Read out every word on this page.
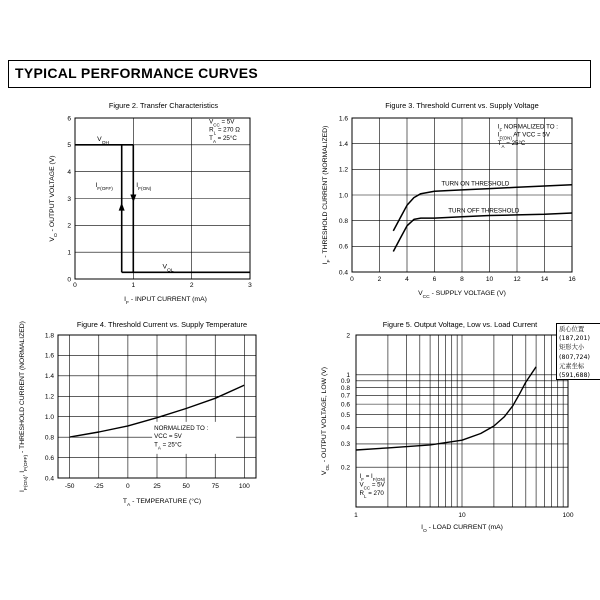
TYPICAL PERFORMANCE CURVES
0	1	2	3
0
1
2
3
4
5
6
Figure 2. Transfer Characteristics
$I_F$ - INPUT CURRENT (mA)
$V_O$ - OUTPUT VOLTAGE (V)
$V_{OH}$
$V_{OL}$
$I_{F(OFF)}$	$I_{F(ON)}$
$V_{CC} = 5V$
$R_L = 270$ Ω
$T_A = 25^\circ C$
0	2	4	6	8	10	12	14	16
0.4
0.6
0.8
1.0
1.2
1.4
1.6
Figure 3. Threshold Current vs. Supply Voltage
$V_{CC}$ - SUPPLY VOLTAGE (V)
$I_F$ - THRESHOLD CURRENT (NORMALIZED)	TURN ON THRESHOLD
TURN OFF THRESHOLD
$I_F$ NORMALIZED TO :
$I_{F(ON)}$ AT VCC = 5V
$T_A = 25^\circ C$
-50	-25	0	25	50	75	100
0.4
0.6
0.8
1.0
1.2
1.4
1.6
1.8
Figure 4. Threshold Current vs. Supply Temperature
$T_A$ - TEMPERATURE (°C)
$I_{F(ON)}$, $I_{F(OFF)}$ - THRESHOLD CURRENT (NORMALIZED)	NORMALIZED TO :
VCC = 5V
$T_A = 25^\circ C$
1	10	100
0.2
0.3
0.4
0.5
0.6
0.7
0.8
0.9
1
2
Figure 5. Output Voltage, Low vs. Load Current
$I_O$ - LOAD CURRENT (mA)
$V_{OL}$ - OUTPUT VOLTAGE, LOW (V)
$I_F = I_{F(ON)}$
$V_{CC} = 5V$
$R_L = 270$
质心位置
(187,201)
矩形大小
(807,724)
元素坐标
(591,688)
